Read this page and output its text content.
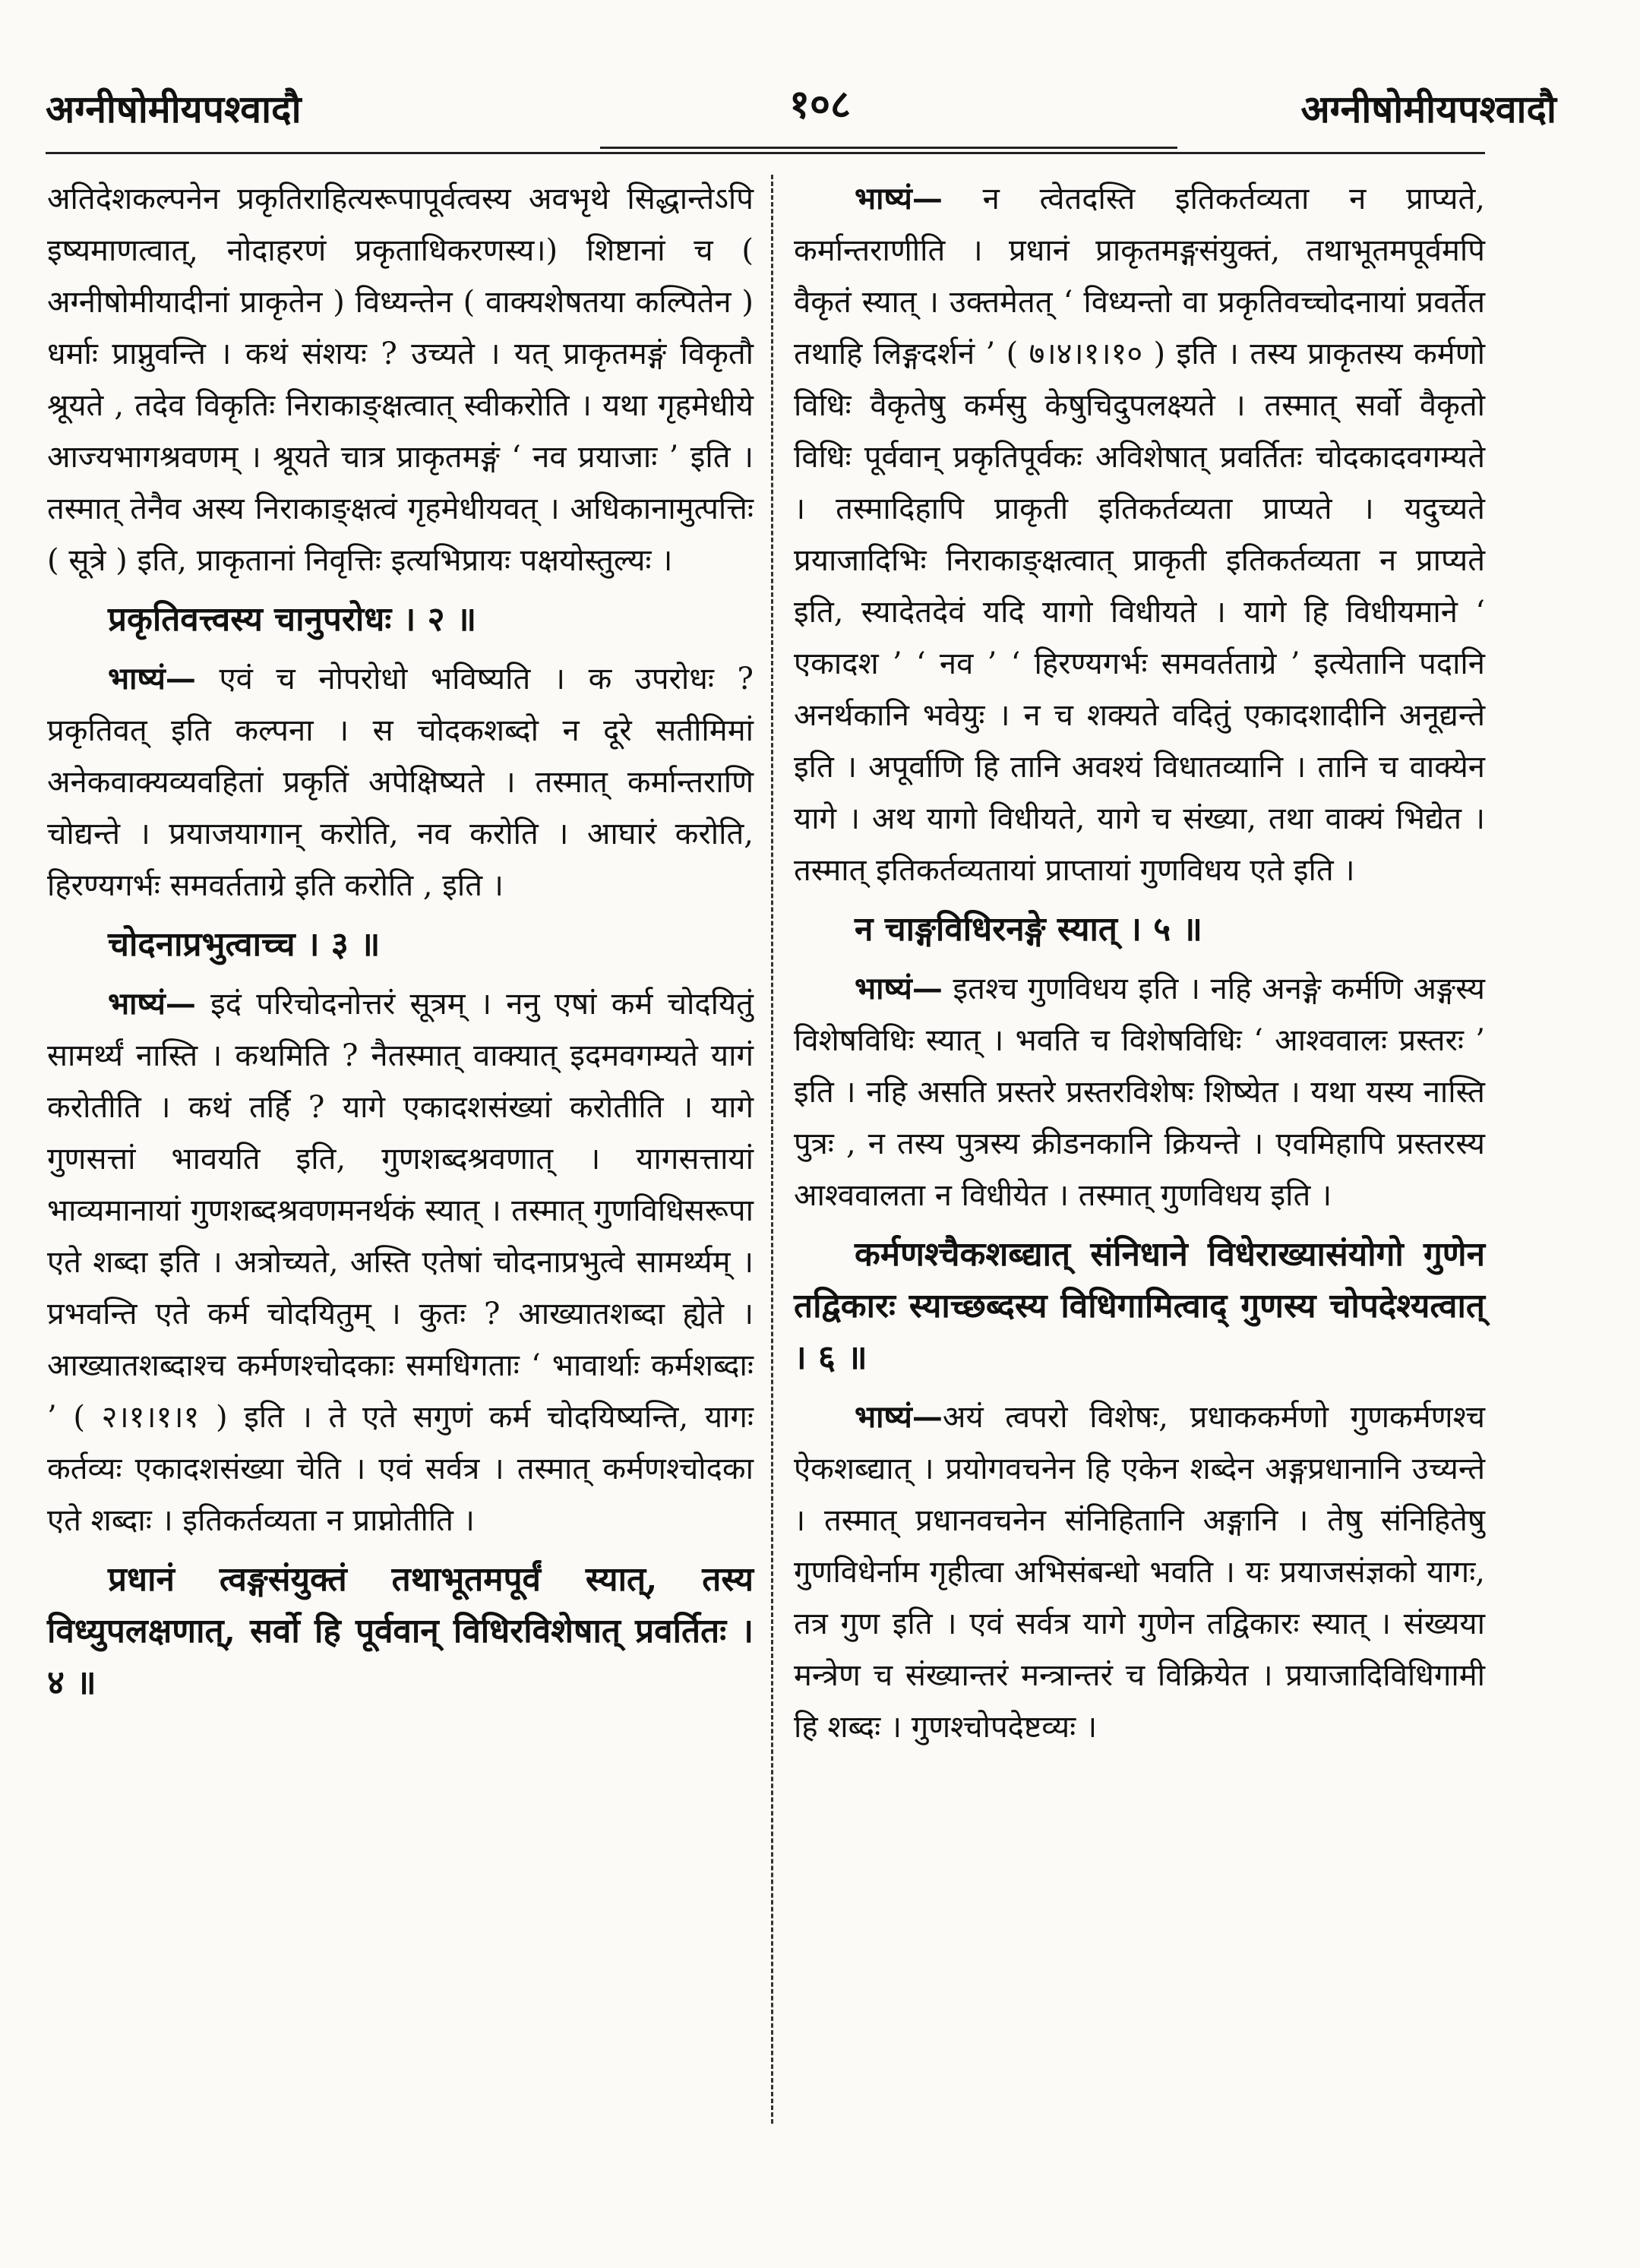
अग्नीषोमीयपश्वादौ	१०८	अग्नीषोमीयपश्वादौ

अतिदेशकल्पनेन प्रकृतिराहित्यरूपापूर्वत्वस्य अवभृथे सिद्धान्तेऽपि इष्यमाणत्वात्, नोदाहरणं प्रकृताधिकरणस्य।) शिष्टानां च ( अग्नीषोमीयादीनां प्राकृतेन ) विध्यन्तेन ( वाक्यशेषतया कल्पितेन ) धर्माः प्राप्नुवन्ति । कथं संशयः ? उच्यते । यत् प्राकृतमङ्गं विकृतौ श्रूयते , तदेव विकृतिः निराकाङ्क्षत्वात् स्वीकरोति । यथा गृहमेधीये आज्यभागश्रवणम् । श्रूयते चात्र प्राकृतमङ्गं ‘ नव प्रयाजाः ’ इति । तस्मात् तेनैव अस्य निराकाङ्क्षत्वं गृहमेधीयवत् । अधिकानामुत्पत्तिः ( सूत्रे ) इति, प्राकृतानां निवृत्तिः इत्यभिप्रायः पक्षयोस्तुल्यः ।

प्रकृतिवत्त्वस्य चानुपरोधः । २ ॥

भाष्यं— एवं च नोपरोधो भविष्यति । क उपरोधः ? प्रकृतिवत् इति कल्पना । स चोदकशब्दो न दूरे सतीमिमां अनेकवाक्यव्यवहितां प्रकृतिं अपेक्षिष्यते । तस्मात् कर्मान्तराणि चोद्यन्ते । प्रयाजयागान् करोति, नव करोति । आघारं करोति, हिरण्यगर्भः समवर्तताग्रे इति करोति , इति ।

चोदनाप्रभुत्वाच्च । ३ ॥

भाष्यं— इदं परिचोदनोत्तरं सूत्रम् । ननु एषां कर्म चोदयितुं सामर्थ्यं नास्ति । कथमिति ? नैतस्मात् वाक्यात् इदमवगम्यते यागं करोतीति । कथं तर्हि ? यागे एकादशसंख्यां करोतीति । यागे गुणसत्तां भावयति इति, गुणशब्दश्रवणात् । यागसत्तायां भाव्यमानायां गुणशब्दश्रवणमनर्थकं स्यात् । तस्मात् गुणविधिसरूपा एते शब्दा इति । अत्रोच्यते, अस्ति एतेषां चोदनाप्रभुत्वे सामर्थ्यम् । प्रभवन्ति एते कर्म चोदयितुम् । कुतः ? आख्यातशब्दा ह्येते । आख्यातशब्दाश्च कर्मणश्चोदकाः समधिगताः ‘ भावार्थाः कर्मशब्दाः ’ ( २।१।१।१ ) इति । ते एते सगुणं कर्म चोदयिष्यन्ति, यागः कर्तव्यः एकादशसंख्या चेति । एवं सर्वत्र । तस्मात् कर्मणश्चोदका एते शब्दाः । इतिकर्तव्यता न प्राप्नोतीति ।

प्रधानं त्वङ्गसंयुक्तं तथाभूतमपूर्वं स्यात्, तस्य विध्युपलक्षणात्, सर्वो हि पूर्ववान् विधिरविशेषात् प्रवर्तितः । ४ ॥

भाष्यं— न त्वेतदस्ति इतिकर्तव्यता न प्राप्यते, कर्मान्तराणीति । प्रधानं प्राकृतमङ्गसंयुक्तं, तथाभूतमपूर्वमपि वैकृतं स्यात् । उक्तमेतत् ‘ विध्यन्तो वा प्रकृतिवच्चोदनायां प्रवर्तेत तथाहि लिङ्गदर्शनं ’ ( ७।४।१।१० ) इति । तस्य प्राकृतस्य कर्मणो विधिः वैकृतेषु कर्मसु केषुचिदुपलक्ष्यते । तस्मात् सर्वो वैकृतो विधिः पूर्ववान् प्रकृतिपूर्वकः अविशेषात् प्रवर्तितः चोदकादवगम्यते । तस्मादिहापि प्राकृती इतिकर्तव्यता प्राप्यते । यदुच्यते प्रयाजादिभिः निराकाङ्क्षत्वात् प्राकृती इतिकर्तव्यता न प्राप्यते इति, स्यादेतदेवं यदि यागो विधीयते । यागे हि विधीयमाने ‘ एकादश ’ ‘ नव ’ ‘ हिरण्यगर्भः समवर्तताग्रे ’ इत्येतानि पदानि अनर्थकानि भवेयुः । न च शक्यते वदितुं एकादशादीनि अनूद्यन्ते इति । अपूर्वाणि हि तानि अवश्यं विधातव्यानि । तानि च वाक्येन यागे । अथ यागो विधीयते, यागे च संख्या, तथा वाक्यं भिद्येत । तस्मात् इतिकर्तव्यतायां प्राप्तायां गुणविधय एते इति ।

न चाङ्गविधिरनङ्गे स्यात् । ५ ॥

भाष्यं— इतश्च गुणविधय इति । नहि अनङ्गे कर्मणि अङ्गस्य विशेषविधिः स्यात् । भवति च विशेषविधिः ‘ आश्ववालः प्रस्तरः ’ इति । नहि असति प्रस्तरे प्रस्तरविशेषः शिष्येत । यथा यस्य नास्ति पुत्रः , न तस्य पुत्रस्य क्रीडनकानि क्रियन्ते । एवमिहापि प्रस्तरस्य आश्ववालता न विधीयेत । तस्मात् गुणविधय इति ।

कर्मणश्चैकशब्द्यात् संनिधाने विधेराख्यासंयोगो गुणेन तद्विकारः स्याच्छब्दस्य विधिगामित्वाद् गुणस्य चोपदेश्यत्वात् । ६ ॥

भाष्यं—अयं त्वपरो विशेषः, प्रधाककर्मणो गुणकर्मणश्च ऐकशब्द्यात् । प्रयोगवचनेन हि एकेन शब्देन अङ्गप्रधानानि उच्यन्ते । तस्मात् प्रधानवचनेन संनिहितानि अङ्गानि । तेषु संनिहितेषु गुणविधेर्नाम गृहीत्वा अभिसंबन्धो भवति । यः प्रयाजसंज्ञको यागः, तत्र गुण इति । एवं सर्वत्र यागे गुणेन तद्विकारः स्यात् । संख्यया मन्त्रेण च संख्यान्तरं मन्त्रान्तरं च विक्रियेत । प्रयाजादिविधिगामी हि शब्दः । गुणश्चोपदेष्टव्यः ।
